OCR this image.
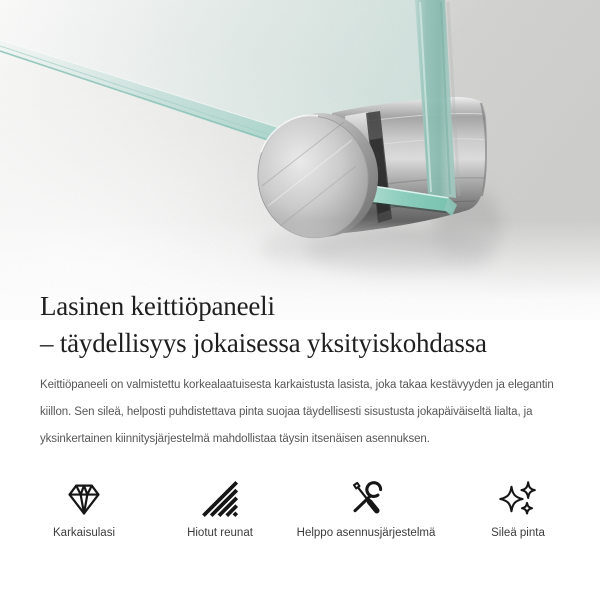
Lasinen keittiöpaneeli
– täydellisyys jokaisessa yksityiskohdassa

Keittiöpaneeli on valmistettu korkealaatuisesta karkaistusta lasista, joka takaa kestävyyden ja elegantin kiillon. Sen sileä, helposti puhdistettava pinta suojaa täydellisesti sisustusta jokapäiväiseltä lialta, ja yksinkertainen kiinnitysjärjestelmä mahdollistaa täysin itsenäisen asennuksen.

Karkaisulasi	Hiotut reunat	Helppo asennusjärjestelmä	Sileä pinta
